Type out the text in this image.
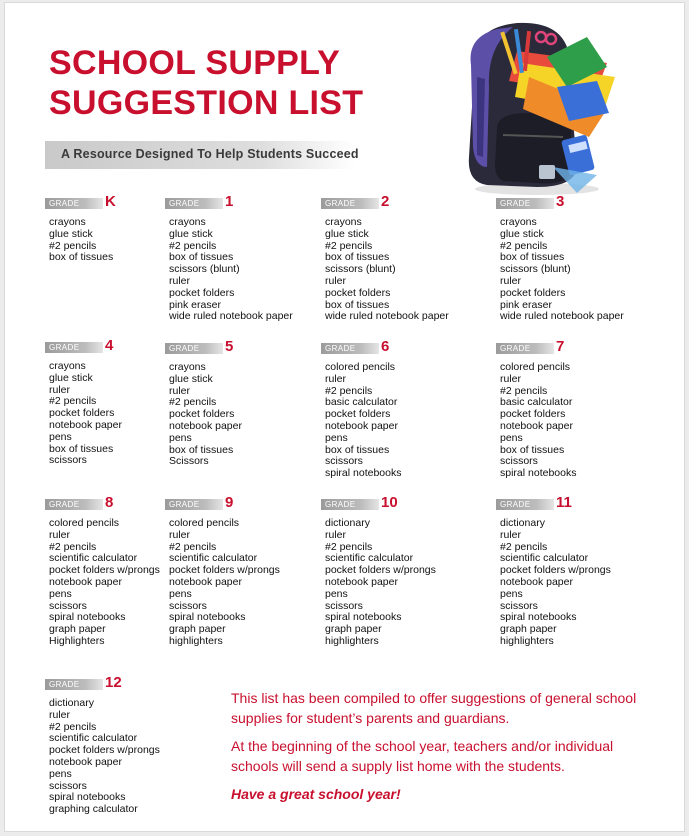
SCHOOL SUPPLY
SUGGESTION LIST
A Resource Designed To Help Students Succeed
GRADE	K
crayons
glue stick
#2 pencils
box of tissues
GRADE	1
crayons
glue stick
#2 pencils
box of tissues
scissors (blunt)
ruler
pocket folders
pink eraser
wide ruled notebook paper
GRADE	2
crayons
glue stick
#2 pencils
box of tissues
scissors (blunt)
ruler
pocket folders
box of tissues
wide ruled notebook paper
GRADE	3
crayons
glue stick
#2 pencils
box of tissues
scissors (blunt)
ruler
pocket folders
pink eraser
wide ruled notebook paper
GRADE	4
crayons
glue stick
ruler
#2 pencils
pocket folders
notebook paper
pens
box of tissues
scissors
GRADE	5
crayons
glue stick
ruler
#2 pencils
pocket folders
notebook paper
pens
box of tissues
Scissors
GRADE	6
colored pencils
ruler
#2 pencils
basic calculator
pocket folders
notebook paper
pens
box of tissues
scissors
spiral notebooks
GRADE	7
colored pencils
ruler
#2 pencils
basic calculator
pocket folders
notebook paper
pens
box of tissues
scissors
spiral notebooks
GRADE	8
colored pencils
ruler
#2 pencils
scientific calculator
pocket folders w/prongs
notebook paper
pens
scissors
spiral notebooks
graph paper
Highlighters
GRADE	9
colored pencils
ruler
#2 pencils
scientific calculator
pocket folders w/prongs
notebook paper
pens
scissors
spiral notebooks
graph paper
highlighters
GRADE	10
dictionary
ruler
#2 pencils
scientific calculator
pocket folders w/prongs
notebook paper
pens
scissors
spiral notebooks
graph paper
highlighters
GRADE	11
dictionary
ruler
#2 pencils
scientific calculator
pocket folders w/prongs
notebook paper
pens
scissors
spiral notebooks
graph paper
highlighters
GRADE	12
dictionary
ruler
#2 pencils
scientific calculator
pocket folders w/prongs
notebook paper
pens
scissors
spiral notebooks
graphing calculator

This list has been compiled to offer suggestions of general school supplies for student’s parents and guardians.

At the beginning of the school year, teachers and/or individual schools will send a supply list home with the students.

Have a great school year!
